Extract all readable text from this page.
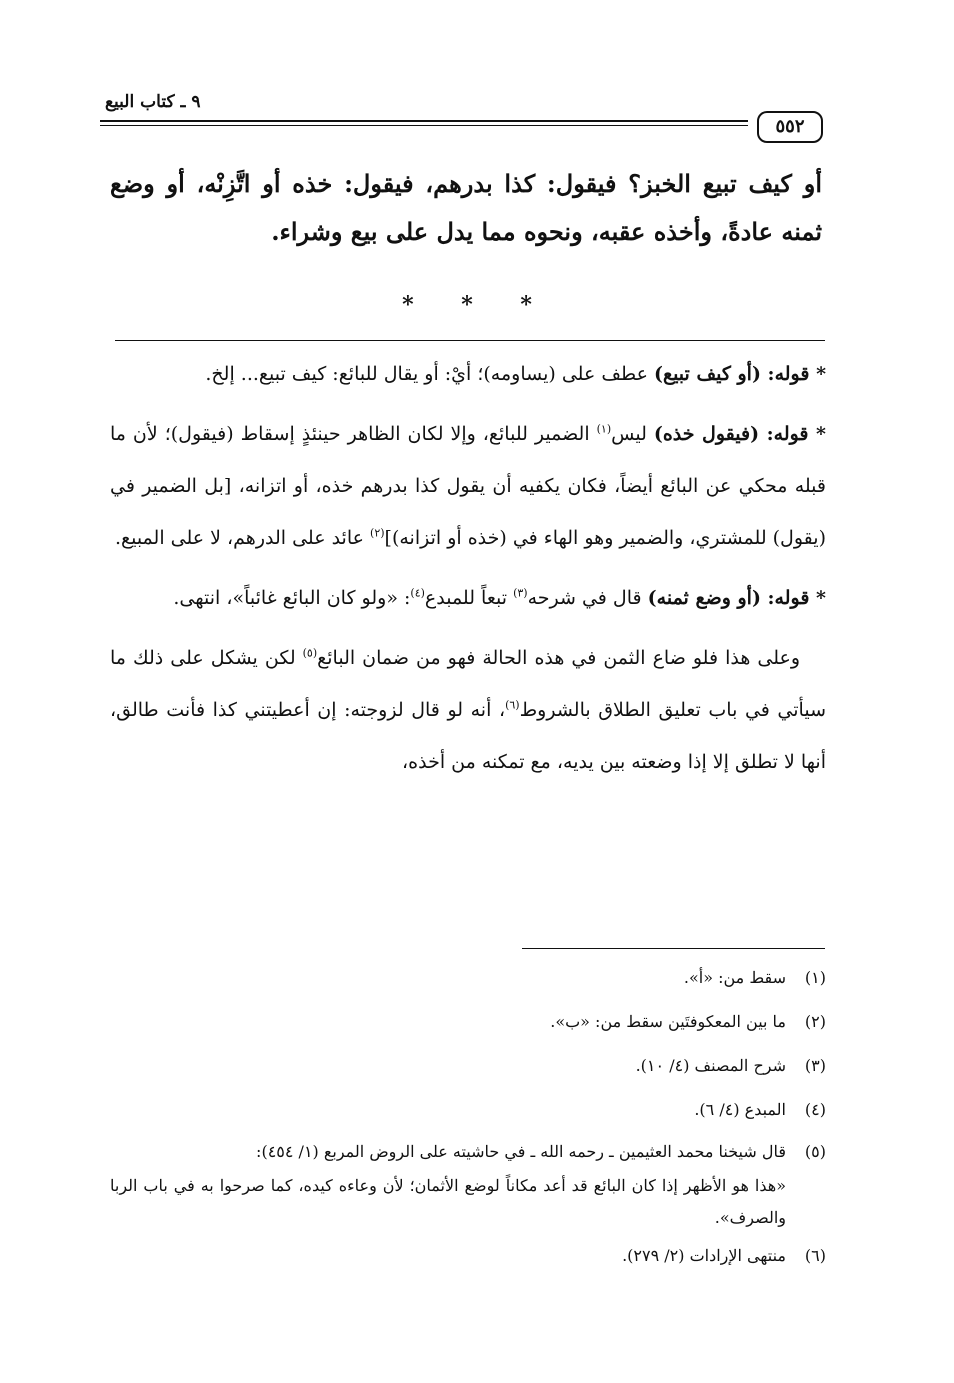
٩ ـ كتاب البيع
٥٥٢

أو كيف تبيع الخبز؟ فيقول: كذا بدرهم، فيقول: خذه أو اتَّزِنْه، أو وضع ثمنه عادةً، وأخذه عقبه، ونحوه مما يدل على بيع وشراء.

* * *

* قوله: (أو كيف تبيع) عطف على (يساومه)؛ أيْ: أو يقال للبائع: كيف تبيع... إلخ.

* قوله: (فيقول خذه) ليس$^{(١)}$ الضمير للبائع، وإلا لكان الظاهر حينئذٍ إسقاط (فيقول)؛ لأن ما قبله محكي عن البائع أيضاً، فكان يكفيه أن يقول كذا بدرهم خذه، أو اتزانه، [بل الضمير في (يقول) للمشتري، والضمير وهو الهاء في (خذه أو اتزانه)]$^{(٢)}$ عائد على الدرهم، لا على المبيع.

* قوله: (أو وضع ثمنه) قال في شرحه$^{(٣)}$ تبعاً للمبدع$^{(٤)}$: «ولو كان البائع غائباً»، انتهى.

وعلى هذا فلو ضاع الثمن في هذه الحالة فهو من ضمان البائع$^{(٥)}$ لكن يشكل على ذلك ما سيأتي في باب تعليق الطلاق بالشروط$^{(٦)}$، أنه لو قال لزوجته: إن أعطيتني كذا فأنت طالق، أنها لا تطلق إلا إذا وضعته بين يديه، مع تمكنه من أخذه،

(١)
سقط من: «أ».
(٢)
ما بين المعكوفتَين سقط من: «ب».
(٣)
شرح المصنف (٤/ ١٠).
(٤)
المبدع (٤/ ٦).
(٥)
قال شيخنا محمد العثيمين ـ رحمه الله ـ في حاشيته على الروض المربع (١/ ٤٥٤):
«هذا هو الأظهر إذا كان البائع قد أعد مكاناً لوضع الأثمان؛ لأن وعاءه كيده، كما صرحوا به في باب الربا والصرف».
(٦)
منتهى الإرادات (٢/ ٢٧٩).
